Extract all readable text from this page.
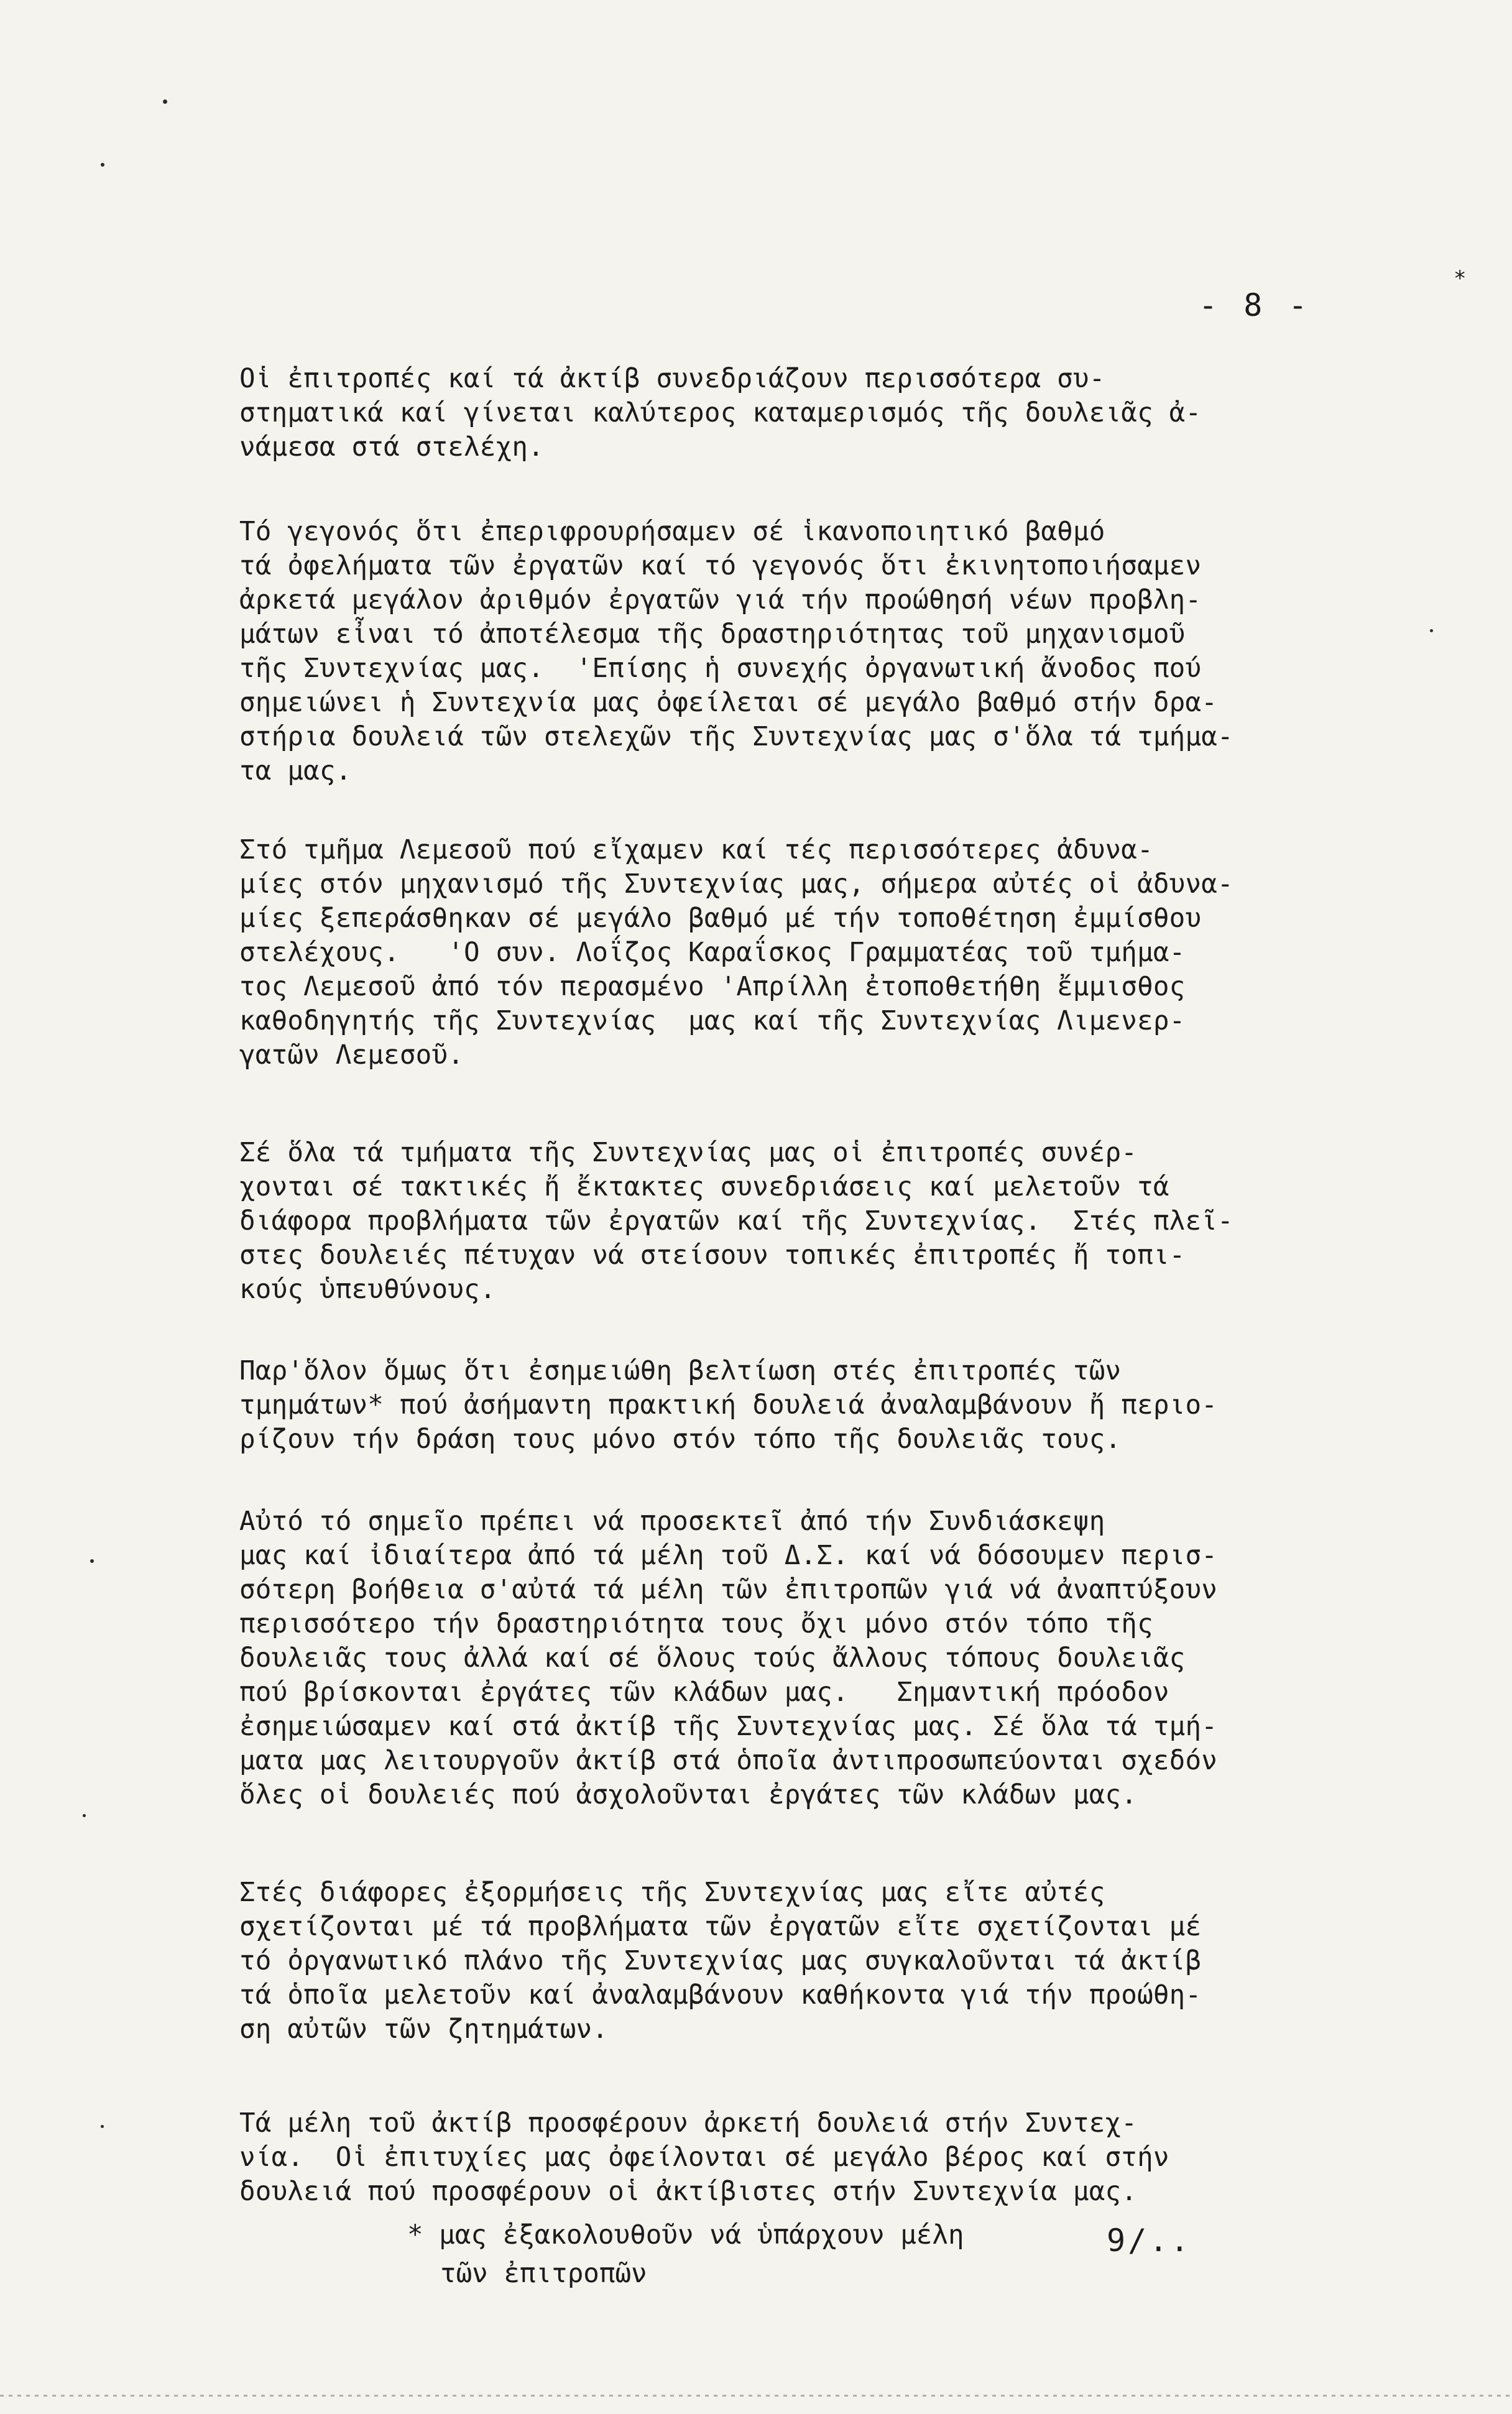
- 8 -
*

Οἱ ἐπιτροπές καί τά ἀκτίβ συνεδριάζουν περισσότερα συ-
στηματικά καί γίνεται καλύτερος καταμερισμός τῆς δουλειᾶς ἀ-
νάμεσα στά στελέχη.

Τό γεγονός ὅτι ἐπεριφρουρήσαμεν σέ ἱκανοποιητικό βαθμό
τά ὀφελήματα τῶν ἐργατῶν καί τό γεγονός ὅτι ἐκινητοποιήσαμεν
ἀρκετά μεγάλον ἀριθμόν ἐργατῶν γιά τήν προώθησή νέων προβλη-
μάτων εἶναι τό ἀποτέλεσμα τῆς δραστηριότητας τοῦ μηχανισμοῦ
τῆς Συντεχνίας μας.  'Επίσης ἡ συνεχής ὀργανωτική ἄνοδος πού
σημειώνει ἡ Συντεχνία μας ὀφείλεται σέ μεγάλο βαθμό στήν δρα-
στήρια δουλειά τῶν στελεχῶν τῆς Συντεχνίας μας σ'ὅλα τά τμήμα-
τα μας.

Στό τμῆμα Λεμεσοῦ πού εἴχαμεν καί τές περισσότερες ἀδυνα-
μίες στόν μηχανισμό τῆς Συντεχνίας μας, σήμερα αὐτές οἱ ἀδυνα-
μίες ξεπεράσθηκαν σέ μεγάλο βαθμό μέ τήν τοποθέτηση ἐμμίσθου
στελέχους.   'Ο συν. Λοΐζος Καραΐσκος Γραμματέας τοῦ τμήμα-
τος Λεμεσοῦ ἀπό τόν περασμένο 'Απρίλλη ἐτοποθετήθη ἔμμισθος
καθοδηγητής τῆς Συντεχνίας  μας καί τῆς Συντεχνίας Λιμενερ-
γατῶν Λεμεσοῦ.

Σέ ὅλα τά τμήματα τῆς Συντεχνίας μας οἱ ἐπιτροπές συνέρ-
χονται σέ τακτικές ἤ ἔκτακτες συνεδριάσεις καί μελετοῦν τά
διάφορα προβλήματα τῶν ἐργατῶν καί τῆς Συντεχνίας.  Στές πλεῖ-
στες δουλειές πέτυχαν νά στείσουν τοπικές ἐπιτροπές ἤ τοπι-
κούς ὑπευθύνους.

Παρ'ὅλον ὅμως ὅτι ἐσημειώθη βελτίωση στές ἐπιτροπές τῶν
τμημάτων* πού ἀσήμαντη πρακτική δουλειά ἀναλαμβάνουν ἤ περιο-
ρίζουν τήν δράση τους μόνο στόν τόπο τῆς δουλειᾶς τους.

Αὐτό τό σημεῖο πρέπει νά προσεκτεῖ ἀπό τήν Συνδιάσκεψη
μας καί ἰδιαίτερα ἀπό τά μέλη τοῦ Δ.Σ. καί νά δόσουμεν περισ-
σότερη βοήθεια σ'αὐτά τά μέλη τῶν ἐπιτροπῶν γιά νά ἀναπτύξουν
περισσότερο τήν δραστηριότητα τους ὄχι μόνο στόν τόπο τῆς
δουλειᾶς τους ἀλλά καί σέ ὅλους τούς ἄλλους τόπους δουλειᾶς
πού βρίσκονται ἐργάτες τῶν κλάδων μας.   Σημαντική πρόοδον
ἐσημειώσαμεν καί στά ἀκτίβ τῆς Συντεχνίας μας. Σέ ὅλα τά τμή-
ματα μας λειτουργοῦν ἀκτίβ στά ὁποῖα ἀντιπροσωπεύονται σχεδόν
ὅλες οἱ δουλειές πού ἀσχολοῦνται ἐργάτες τῶν κλάδων μας.

Στές διάφορες ἐξορμήσεις τῆς Συντεχνίας μας εἴτε αὐτές
σχετίζονται μέ τά προβλήματα τῶν ἐργατῶν εἴτε σχετίζονται μέ
τό ὀργανωτικό πλάνο τῆς Συντεχνίας μας συγκαλοῦνται τά ἀκτίβ
τά ὁποῖα μελετοῦν καί ἀναλαμβάνουν καθήκοντα γιά τήν προώθη-
ση αὐτῶν τῶν ζητημάτων.

Τά μέλη τοῦ ἀκτίβ προσφέρουν ἀρκετή δουλειά στήν Συντεχ-
νία.  Οἱ ἐπιτυχίες μας ὀφείλονται σέ μεγάλο βέρος καί στήν
δουλειά πού προσφέρουν οἱ ἀκτίβιστες στήν Συντεχνία μας.

* μας ἐξακολουθοῦν νά ὑπάρχουν μέλη

τῶν ἐπιτροπῶν

9/..
